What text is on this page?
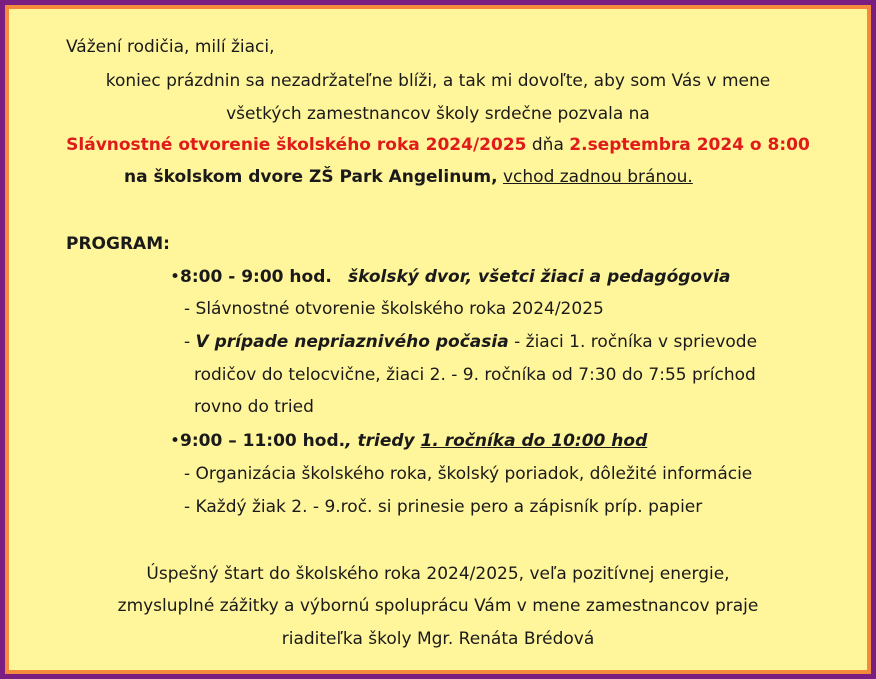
Vážení rodičia, milí žiaci,
koniec prázdnin sa nezadržateľne blíži, a tak mi dovoľte, aby som Vás v mene
všetkých zamestnancov školy srdečne pozvala na
Slávnostné otvorenie školského roka 2024/2025 dňa 2.septembra 2024 o 8:00
na školskom dvore ZŠ Park Angelinum, vchod zadnou bránou.
PROGRAM:
•8:00 - 9:00 hod. školský dvor, všetci žiaci a pedagógovia
- Slávnostné otvorenie školského roka 2024/2025
- V prípade nepriaznivého počasia - žiaci 1. ročníka v sprievode
rodičov do telocvične, žiaci 2. - 9. ročníka od 7:30 do 7:55 príchod
rovno do tried
•9:00 – 11:00 hod., triedy 1. ročníka do 10:00 hod
- Organizácia školského roka, školský poriadok, dôležité informácie
- Každý žiak 2. - 9.roč. si prinesie pero a zápisník príp. papier
Úspešný štart do školského roka 2024/2025, veľa pozitívnej energie,
zmysluplné zážitky a výbornú spoluprácu Vám v mene zamestnancov praje
riaditeľka školy Mgr. Renáta Brédová
